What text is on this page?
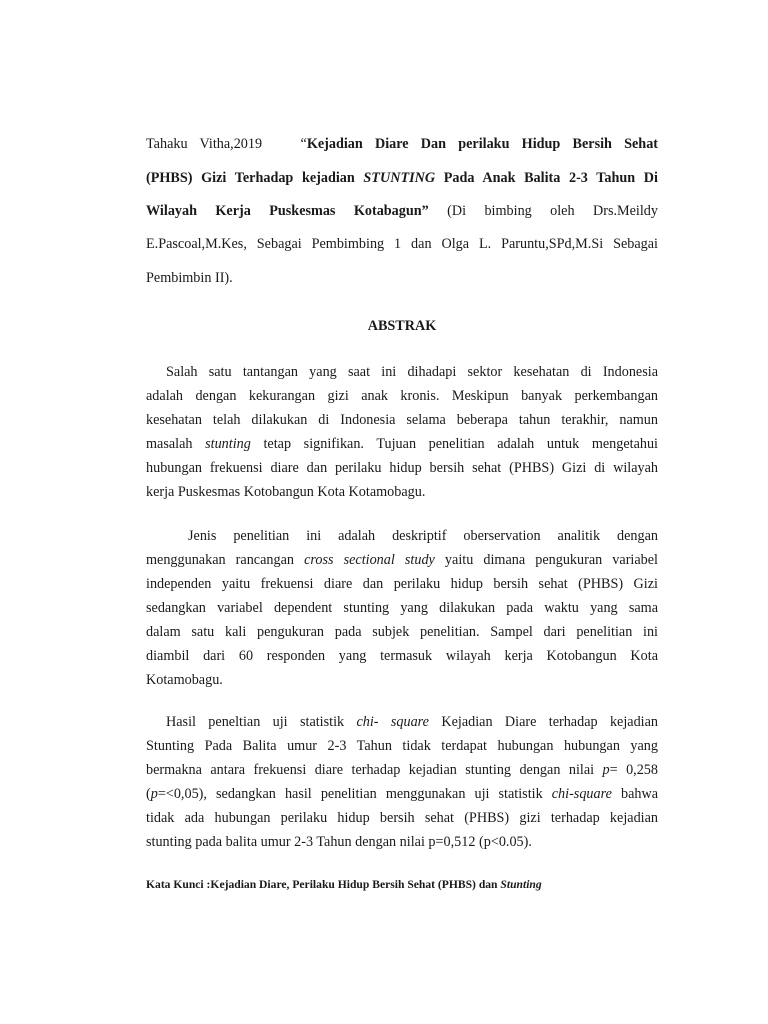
Tahaku Vitha,2019	“Kejadian Diare Dan perilaku Hidup Bersih Sehat

(PHBS) Gizi Terhadap kejadian STUNTING Pada Anak Balita 2-3 Tahun Di

Wilayah Kerja Puskesmas Kotabagun” (Di bimbing oleh Drs.Meildy

E.Pascoal,M.Kes, Sebagai Pembimbing 1 dan Olga L. Paruntu,SPd,M.Si Sebagai

Pembimbin II).

ABSTRAK

Salah satu tantangan yang saat ini dihadapi sektor kesehatan di Indonesia

adalah dengan kekurangan gizi anak kronis. Meskipun banyak perkembangan

kesehatan telah dilakukan di Indonesia selama beberapa tahun terakhir, namun

masalah stunting tetap signifikan. Tujuan penelitian adalah untuk mengetahui

hubungan frekuensi diare dan perilaku hidup bersih sehat (PHBS) Gizi di wilayah

kerja Puskesmas Kotobangun Kota Kotamobagu.

Jenis penelitian ini adalah deskriptif oberservation analitik dengan

menggunakan rancangan cross sectional study yaitu dimana pengukuran variabel

independen yaitu frekuensi diare dan perilaku hidup bersih sehat (PHBS) Gizi

sedangkan variabel dependent stunting yang dilakukan pada waktu yang sama

dalam satu kali pengukuran pada subjek penelitian. Sampel dari penelitian ini

diambil dari 60 responden yang termasuk wilayah kerja Kotobangun Kota

Kotamobagu.

Hasil peneltian uji statistik chi- square Kejadian Diare terhadap kejadian

Stunting Pada Balita umur 2-3 Tahun tidak terdapat hubungan hubungan yang

bermakna antara frekuensi diare terhadap kejadian stunting dengan nilai p= 0,258

(p=<0,05), sedangkan hasil penelitian menggunakan uji statistik chi-square bahwa

tidak ada hubungan perilaku hidup bersih sehat (PHBS) gizi terhadap kejadian

stunting pada balita umur 2-3 Tahun dengan nilai p=0,512 (p<0.05).

Kata Kunci :Kejadian Diare, Perilaku Hidup Bersih Sehat (PHBS) dan Stunting
